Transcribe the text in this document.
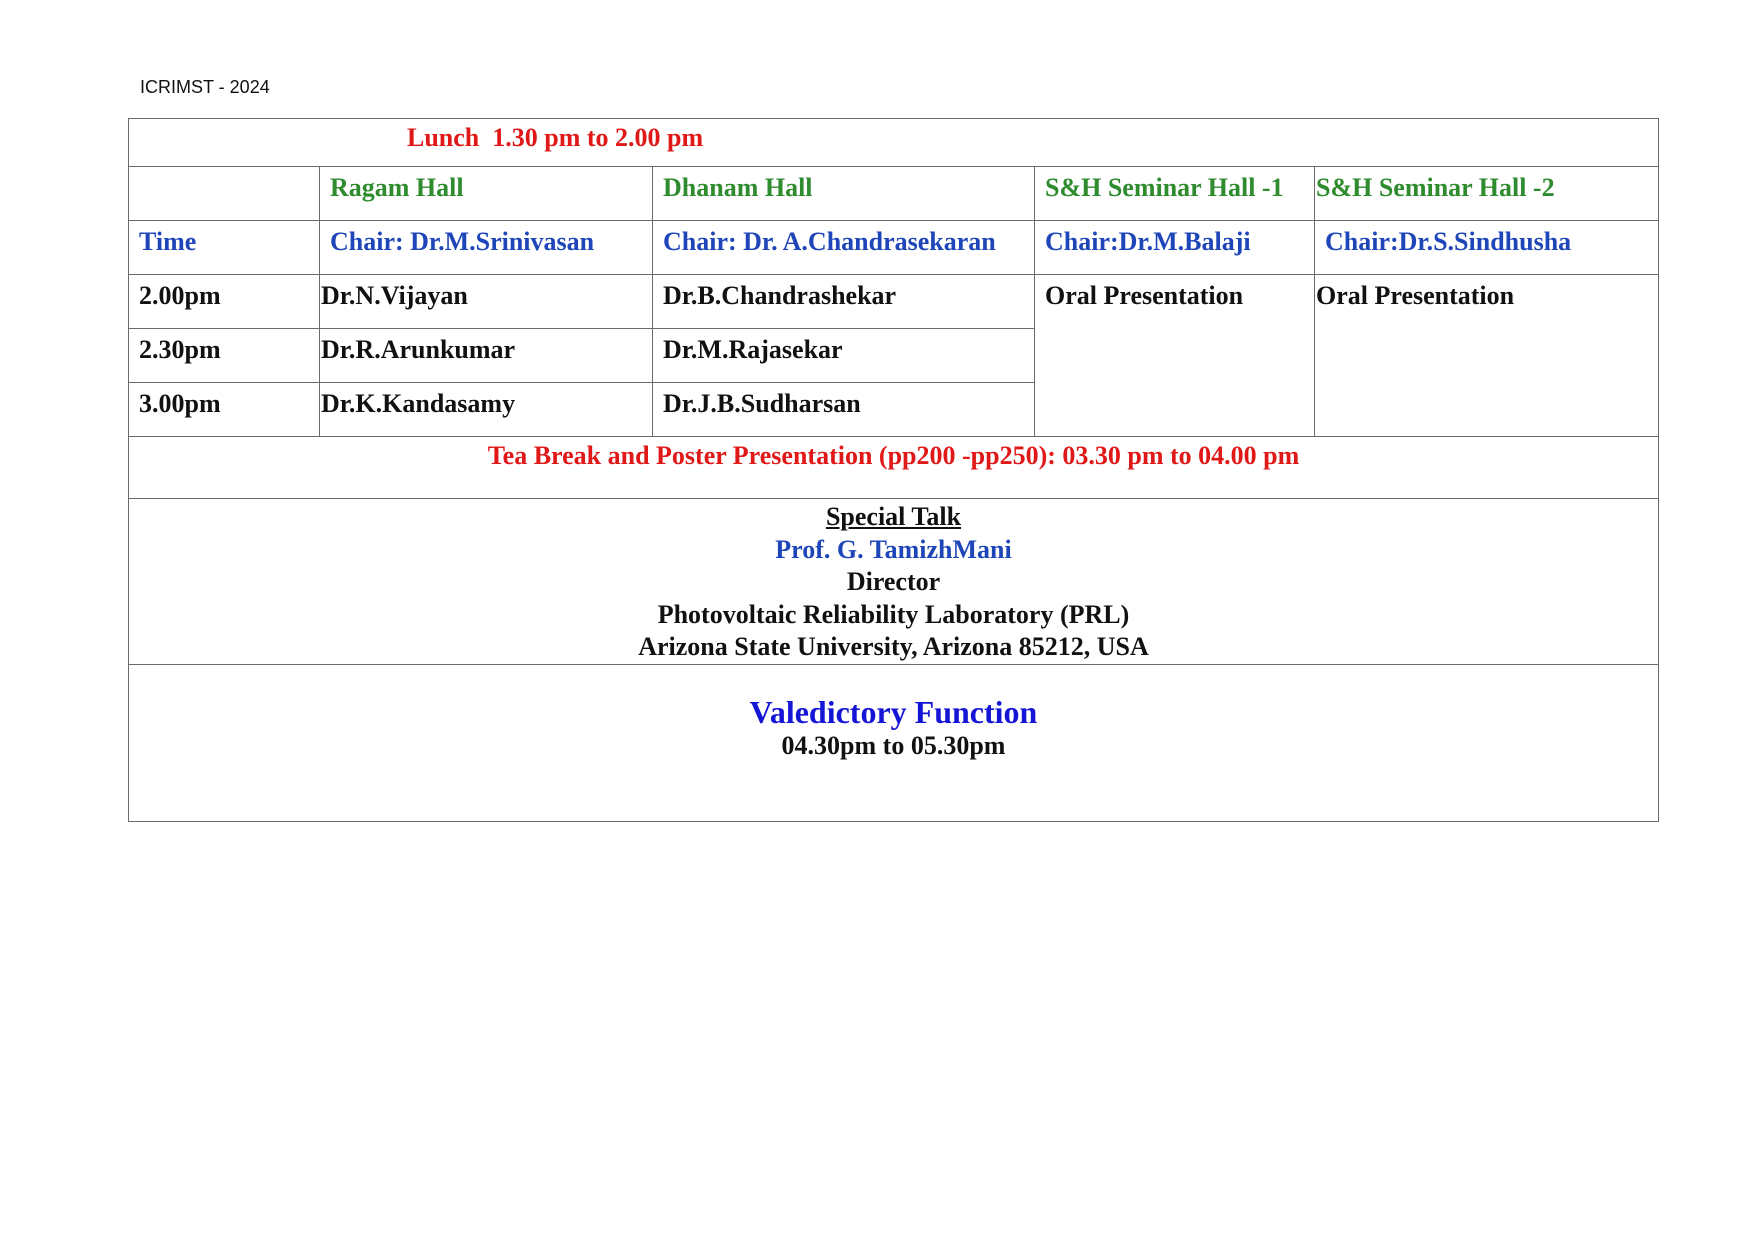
ICRIMST - 2024
Lunch  1.30 pm to 2.00 pm				
	Ragam Hall	Dhanam Hall	S&H Seminar Hall -1	S&H Seminar Hall -2
Time	Chair: Dr.M.Srinivasan	Chair: Dr. A.Chandrasekaran	Chair:Dr.M.Balaji	Chair:Dr.S.Sindhusha
2.00pm	Dr.N.Vijayan	Dr.B.Chandrashekar	Oral Presentation	Oral Presentation
2.30pm	Dr.R.Arunkumar	Dr.M.Rajasekar		
3.00pm	Dr.K.Kandasamy	Dr.J.B.Sudharsan		
Tea Break and Poster Presentation (pp200 -pp250): 03.30 pm to 04.00 pm				

Special Talk
Prof. G. TamizhMani
Director
Photovoltaic Reliability Laboratory (PRL)
Arizona State University, Arizona 85212, USA				

Valedictory Function
04.30pm to 05.30pm				
